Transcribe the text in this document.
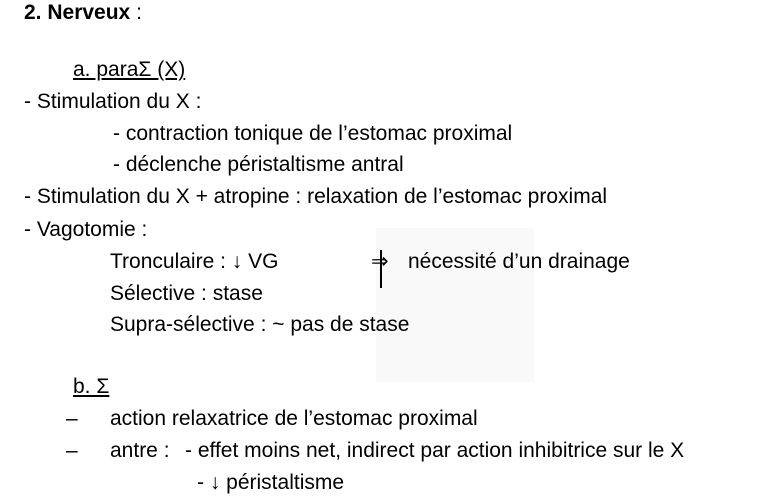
2. Nerveux :
a. paraΣ (X)
- Stimulation du X :
- contraction tonique de l’estomac proximal
- déclenche péristaltisme antral
- Stimulation du X + atropine : relaxation de l’estomac proximal
- Vagotomie :
Tronculaire : ↓ VG	⇒ nécessité d’un drainage
Sélective : stase
Supra-sélective : ~ pas de stase
b. Σ
– action relaxatrice de l’estomac proximal
– antre : - effet moins net, indirect par action inhibitrice sur le X
- ↓ péristaltisme
